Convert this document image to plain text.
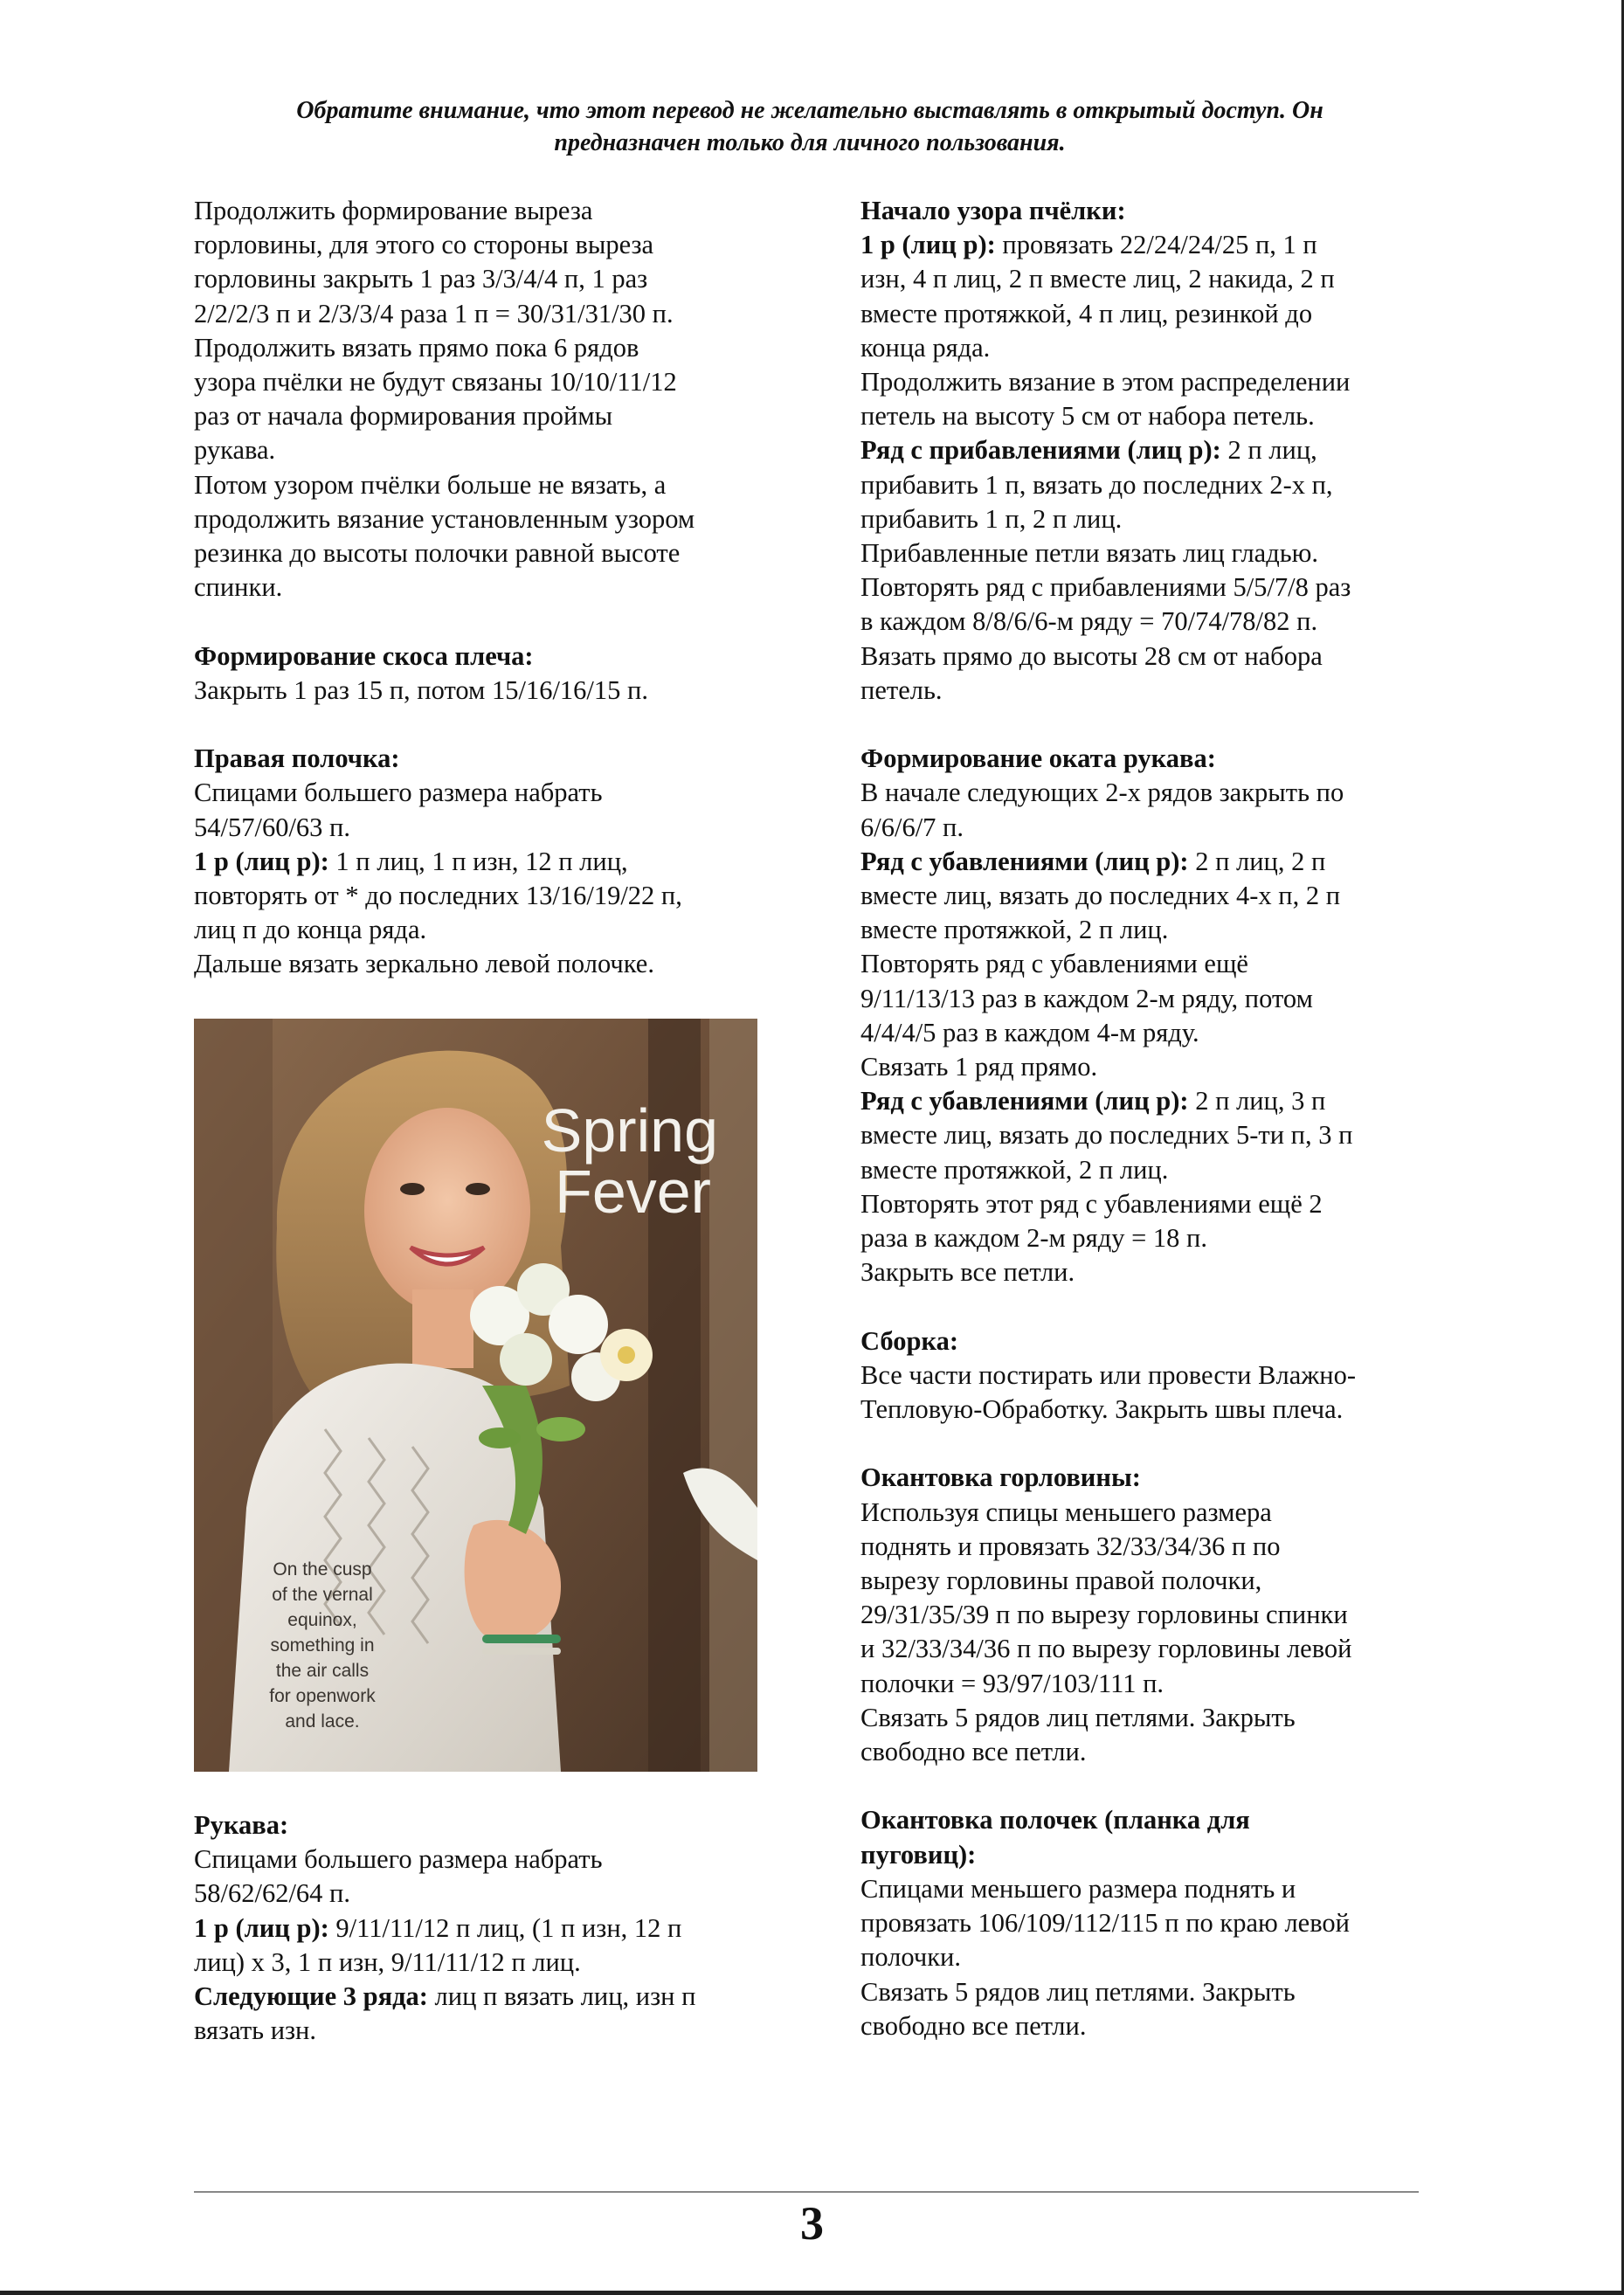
Обратите внимание, что этот перевод не желательно выставлять в открытый доступ. Он
предназначен только для личного пользования.

Продолжить формирование выреза

горловины, для этого со стороны выреза

горловины закрыть 1 раз 3/3/4/4 п, 1 раз

2/2/2/3 п и 2/3/3/4 раза 1 п = 30/31/31/30 п.

Продолжить вязать прямо пока 6 рядов

узора пчёлки не будут связаны 10/10/11/12

раз от начала формирования проймы

рукава.

Потом узором пчёлки больше не вязать, а

продолжить вязание установленным узором

резинка до высоты полочки равной высоте

спинки.

Формирование скоса плеча:

Закрыть 1 раз 15 п, потом 15/16/16/15 п.

Правая полочка:

Спицами большего размера набрать

54/57/60/63 п.

1 р (лиц р): 1 п лиц, 1 п изн, 12 п лиц,

повторять от * до последних 13/16/19/22 п,

лиц п до конца ряда.

Дальше вязать зеркально левой полочке.

Spring
Fever
On the cusp
of the vernal
equinox,
something in
the air calls
for openwork
and lace.

Рукава:

Спицами большего размера набрать

58/62/62/64 п.

1 р (лиц р): 9/11/11/12 п лиц, (1 п изн, 12 п

лиц) х 3, 1 п изн, 9/11/11/12 п лиц.

Следующие 3 ряда: лиц п вязать лиц, изн п

вязать изн.

Начало узора пчёлки:

1 р (лиц р): провязать 22/24/24/25 п, 1 п

изн, 4 п лиц, 2 п вместе лиц, 2 накида, 2 п

вместе протяжкой, 4 п лиц, резинкой до

конца ряда.

Продолжить вязание в этом распределении

петель на высоту 5 см от набора петель.

Ряд с прибавлениями (лиц р): 2 п лиц,

прибавить 1 п, вязать до последних 2-х п,

прибавить 1 п, 2 п лиц.

Прибавленные петли вязать лиц гладью.

Повторять ряд с прибавлениями 5/5/7/8 раз

в каждом 8/8/6/6-м ряду = 70/74/78/82 п.

Вязать прямо до высоты 28 см от набора

петель.

Формирование оката рукава:

В начале следующих 2-х рядов закрыть по

6/6/6/7 п.

Ряд с убавлениями (лиц р): 2 п лиц, 2 п

вместе лиц, вязать до последних 4-х п, 2 п

вместе протяжкой, 2 п лиц.

Повторять ряд с убавлениями ещё

9/11/13/13 раз в каждом 2-м ряду, потом

4/4/4/5 раз в каждом 4-м ряду.

Связать 1 ряд прямо.

Ряд с убавлениями (лиц р): 2 п лиц, 3 п

вместе лиц, вязать до последних 5-ти п, 3 п

вместе протяжкой, 2 п лиц.

Повторять этот ряд с убавлениями ещё 2

раза в каждом 2-м ряду = 18 п.

Закрыть все петли.

Сборка:

Все части постирать или провести Влажно-

Тепловую-Обработку. Закрыть швы плеча.

Окантовка горловины:

Используя спицы меньшего размера

поднять и провязать 32/33/34/36 п по

вырезу горловины правой полочки,

29/31/35/39 п по вырезу горловины спинки

и 32/33/34/36 п по вырезу горловины левой

полочки = 93/97/103/111 п.

Связать 5 рядов лиц петлями. Закрыть

свободно все петли.

Окантовка полочек (планка для

пуговиц):

Спицами меньшего размера поднять и

провязать 106/109/112/115 п по краю левой

полочки.

Связать 5 рядов лиц петлями. Закрыть

свободно все петли.

3
